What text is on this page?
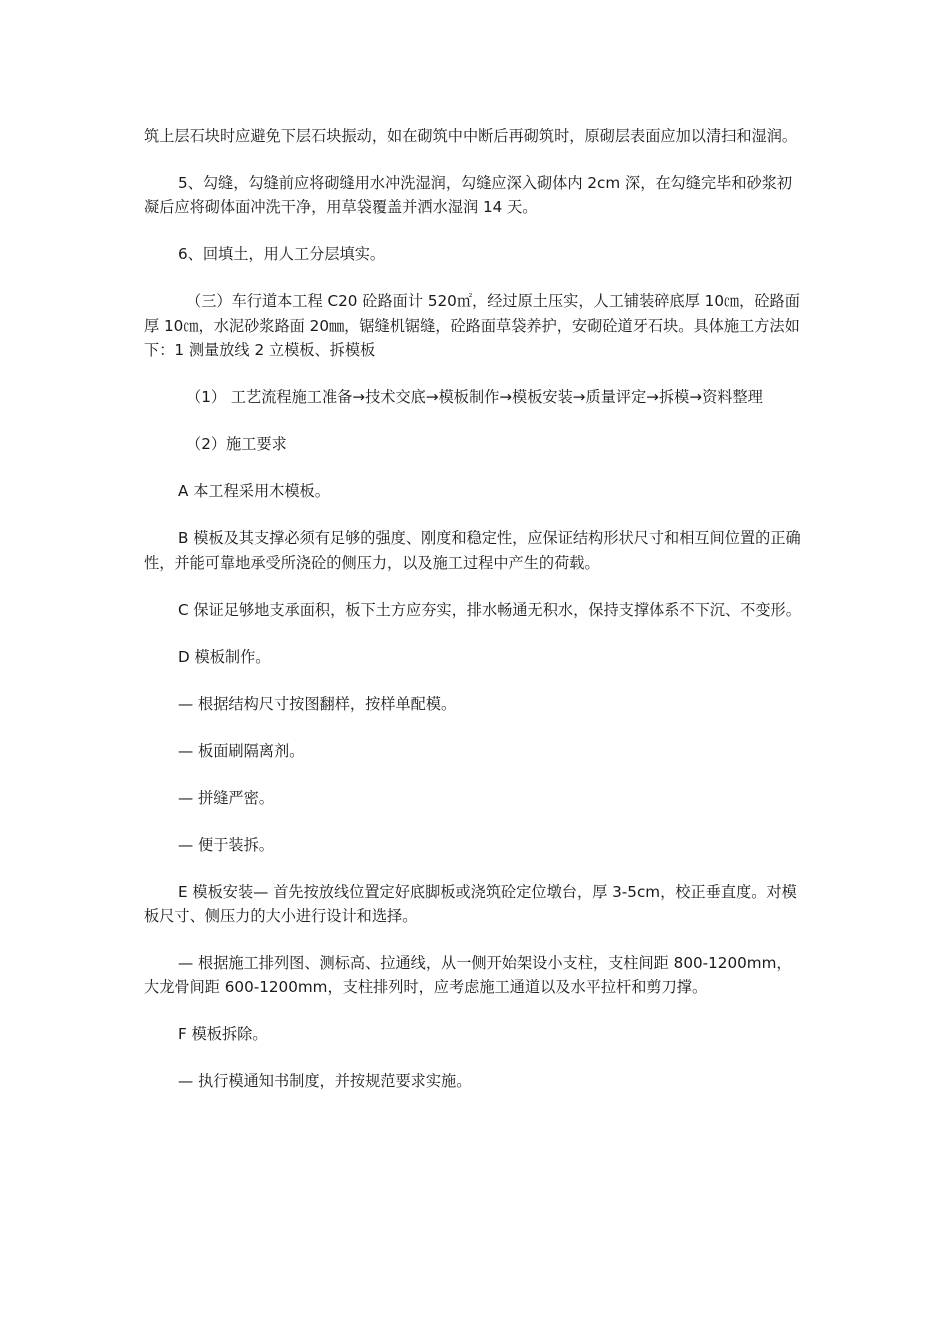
筑上层石块时应避免下层石块振动，如在砌筑中中断后再砌筑时，原砌层表面应加以清扫和湿润。

5、勾缝，勾缝前应将砌缝用水冲洗湿润，勾缝应深入砌体内 2cm 深，在勾缝完毕和砂浆初凝后应将砌体面冲洗干净，用草袋覆盖并洒水湿润 14 天。

6、回填土，用人工分层填实。

（三）车行道本工程 C20 砼路面计 520㎡，经过原土压实，人工铺装碎底厚 10㎝，砼路面厚 10㎝，水泥砂浆路面 20㎜，锯缝机锯缝，砼路面草袋养护，安砌砼道牙石块。具体施工方法如下：1 测量放线 2 立模板、拆模板

（1） 工艺流程施工准备→技术交底→模板制作→模板安装→质量评定→拆模→资料整理

（2）施工要求

A 本工程采用木模板。

B 模板及其支撑必须有足够的强度、刚度和稳定性，应保证结构形状尺寸和相互间位置的正确性，并能可靠地承受所浇砼的侧压力，以及施工过程中产生的荷载。

C 保证足够地支承面积，板下土方应夯实，排水畅通无积水，保持支撑体系不下沉、不变形。

D 模板制作。

— 根据结构尺寸按图翻样，按样单配模。

— 板面刷隔离剂。

— 拼缝严密。

— 便于装拆。

E 模板安装— 首先按放线位置定好底脚板或浇筑砼定位墩台，厚 3-5cm，校正垂直度。对模板尺寸、侧压力的大小进行设计和选择。

— 根据施工排列图、测标高、拉通线，从一侧开始架设小支柱，支柱间距 800-1200mm，大龙骨间距 600-1200mm，支柱排列时，应考虑施工通道以及水平拉杆和剪刀撑。

F 模板拆除。

— 执行模通知书制度，并按规范要求实施。
